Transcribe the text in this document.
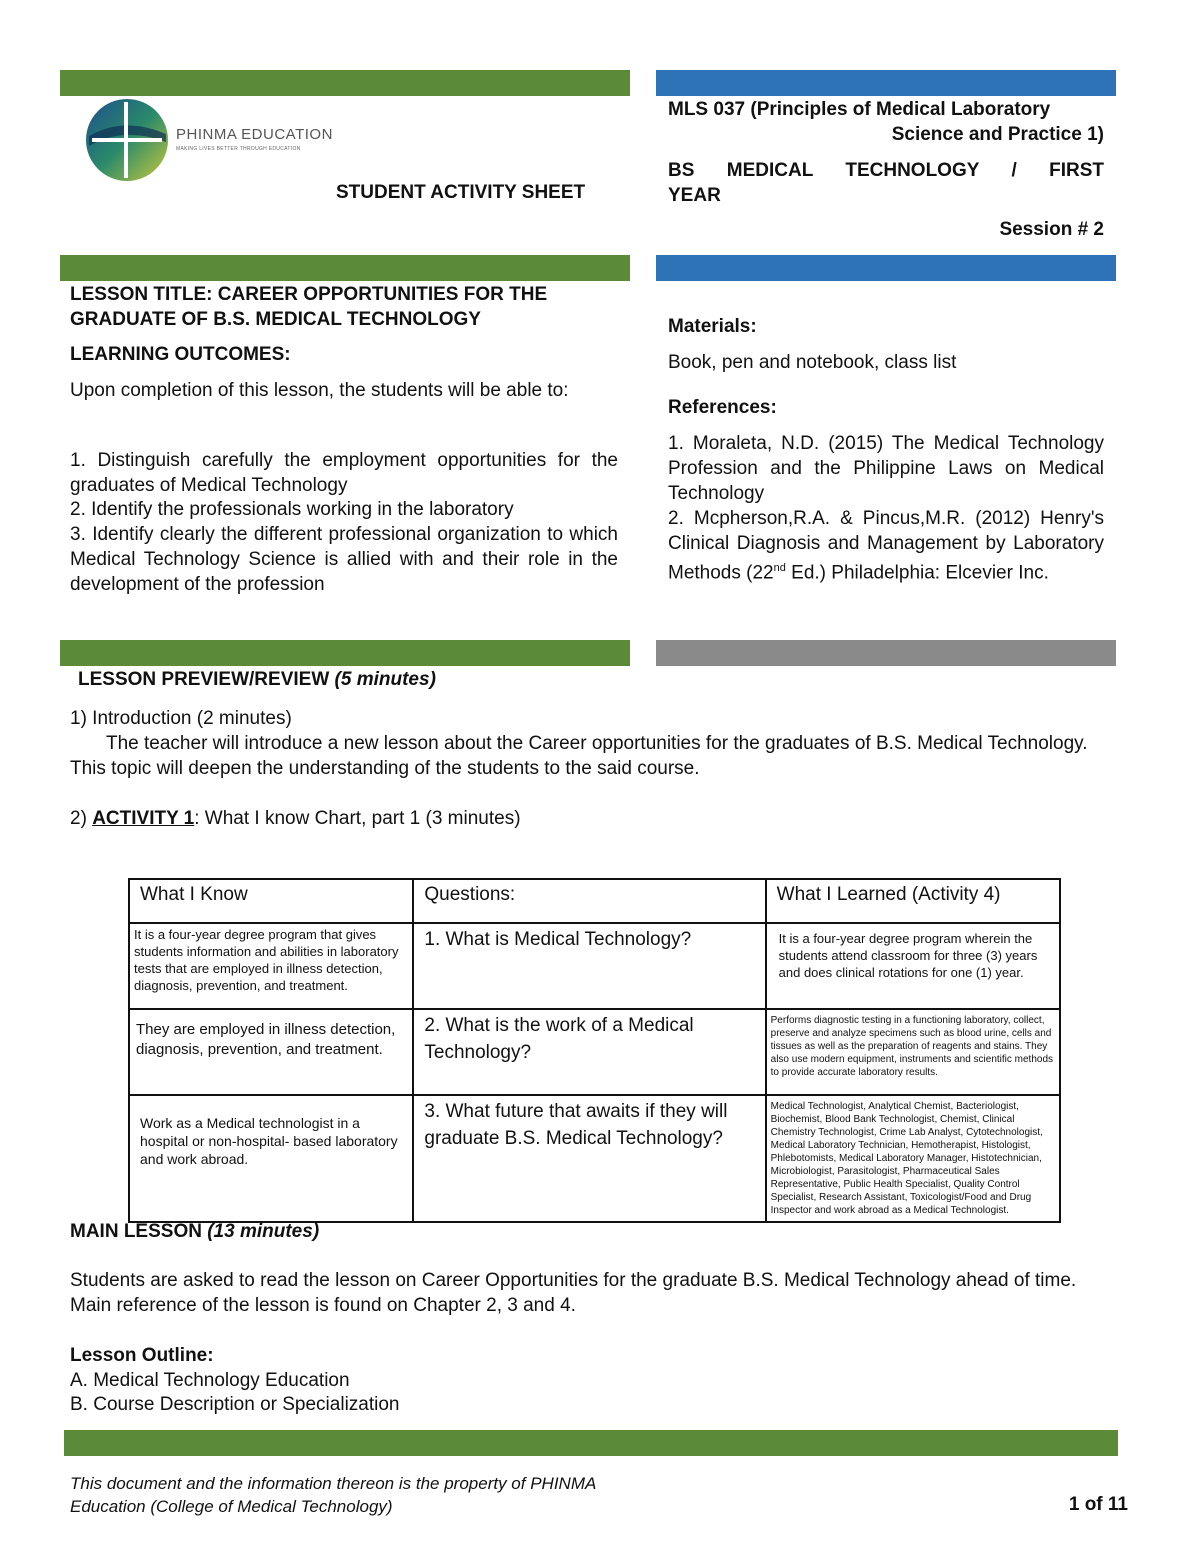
PHINMA EDUCATION
MAKING LIVES BETTER THROUGH EDUCATION
STUDENT ACTIVITY SHEET
MLS 037 (Principles of Medical Laboratory
Science and Practice 1)
BS MEDICAL TECHNOLOGY / FIRST
YEAR
Session # 2
LESSON TITLE: CAREER OPPORTUNITIES FOR THE
GRADUATE OF B.S. MEDICAL TECHNOLOGY
LEARNING OUTCOMES:
Upon completion of this lesson, the students will be able to:
1. Distinguish carefully the employment opportunities for the graduates of Medical Technology
2. Identify the professionals working in the laboratory
3. Identify clearly the different professional organization to which Medical Technology Science is allied with and their role in the development of the profession
Materials:
Book, pen and notebook, class list
References:
1. Moraleta, N.D. (2015) The Medical Technology Profession and the Philippine Laws on Medical Technology
2. Mcpherson,R.A. & Pincus,M.R. (2012) Henry's Clinical Diagnosis and Management by Laboratory Methods (22nd Ed.) Philadelphia: Elcevier Inc.
LESSON PREVIEW/REVIEW (5 minutes)
1) Introduction (2 minutes)
The teacher will introduce a new lesson about the Career opportunities for the graduates of B.S. Medical Technology. This topic will deepen the understanding of the students to the said course.
2) ACTIVITY 1: What I know Chart, part 1 (3 minutes)
What I Know	Questions:	What I Learned (Activity 4)
It is a four-year degree program that gives students information and abilities in laboratory tests that are employed in illness detection, diagnosis, prevention, and treatment.	1. What is Medical Technology?	It is a four-year degree program wherein the students attend classroom for three (3) years and does clinical rotations for one (1) year.
They are employed in illness detection, diagnosis, prevention, and treatment.	2. What is the work of a Medical Technology?	Performs diagnostic testing in a functioning laboratory, collect, preserve and analyze specimens such as blood urine, cells and tissues as well as the preparation of reagents and stains. They also use modern equipment, instruments and scientific methods to provide accurate laboratory results.
Work as a Medical technologist in a hospital or non-hospital- based laboratory and work abroad.	3. What future that awaits if they will graduate B.S. Medical Technology?	Medical Technologist, Analytical Chemist, Bacteriologist, Biochemist, Blood Bank Technologist, Chemist, Clinical Chemistry Technologist, Crime Lab Analyst, Cytotechnologist, Medical Laboratory Technician, Hemotherapist, Histologist, Phlebotomists, Medical Laboratory Manager, Histotechnician, Microbiologist, Parasitologist, Pharmaceutical Sales Representative, Public Health Specialist, Quality Control Specialist, Research Assistant, Toxicologist/Food and Drug Inspector and work abroad as a Medical Technologist.
MAIN LESSON (13 minutes)
Students are asked to read the lesson on Career Opportunities for the graduate B.S. Medical Technology ahead of time. Main reference of the lesson is found on Chapter 2, 3 and 4.
Lesson Outline:
A. Medical Technology Education
B. Course Description or Specialization
This document and the information thereon is the property of PHINMA
Education (College of Medical Technology)	1 of 11
